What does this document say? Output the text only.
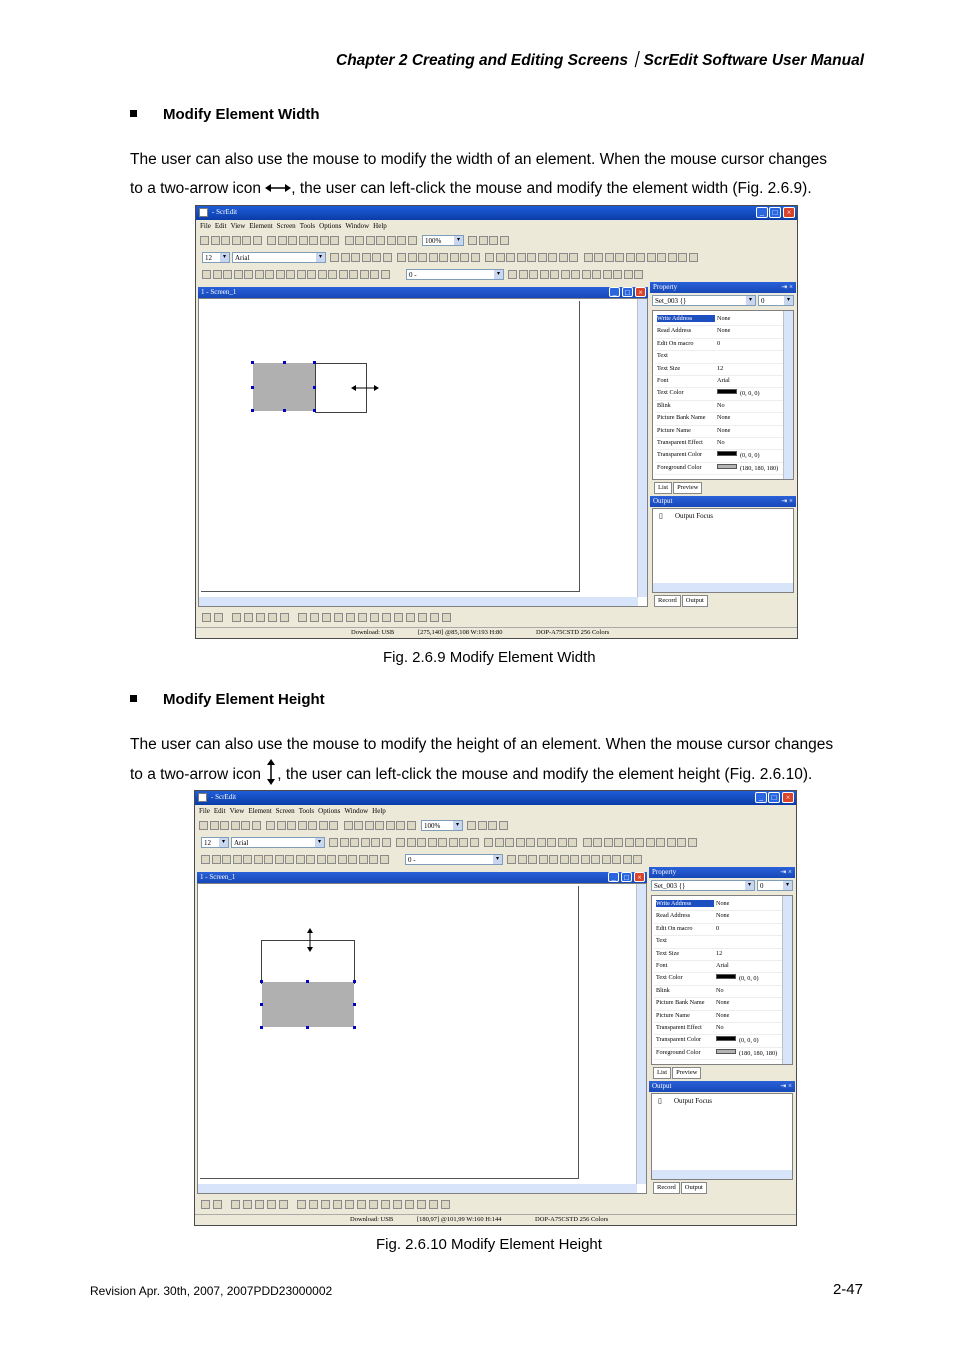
Chapter 2 Creating and Editing Screens｜ScrEdit Software User Manual
Modify Element Width
The user can also use the mouse to modify the width of an element. When the mouse cursor changes
to a two-arrow icon , the user can left-click the mouse and modify the element width (Fig. 2.6.9).
- ScrEdit	_	□	×
File Edit View Element Screen Tools Options Window Help
100%	▾
12	▾	Arial	▾
0 -	▾
1 - Screen_1	_	□	×
Property	⇥ ×
Set_003 {}	▾	0	▾
Write Address	None
Read Address	None
Edit On macro	0
Text
Text Size	12
Font	Arial
Text Color	(0, 0, 0)
Blink	No
Picture Bank Name	None
Picture Name	None
Transparent Effect	No
Transparent Color	(0, 0, 0)
Foreground Color	(180, 180, 180)
List Preview
Output	⇥ ×
▯ Output Focus
Record Output
Download: USB	[275,140] @85,108 W:193 H:80	DOP-A75CSTD 256 Colors
Fig. 2.6.9 Modify Element Width
Modify Element Height
The user can also use the mouse to modify the height of an element. When the mouse cursor changes
to a two-arrow icon , the user can left-click the mouse and modify the element height (Fig. 2.6.10).
- ScrEdit	_	□	×
File Edit View Element Screen Tools Options Window Help
100%	▾
12	▾	Arial	▾
0 -	▾
1 - Screen_1	_	□	×
Property	⇥ ×
Set_003 {}	▾	0	▾
Write Address	None
Read Address	None
Edit On macro	0
Text
Text Size	12
Font	Arial
Text Color	(0, 0, 0)
Blink	No
Picture Bank Name	None
Picture Name	None
Transparent Effect	No
Transparent Color	(0, 0, 0)
Foreground Color	(180, 180, 180)
List Preview
Output	⇥ ×
▯ Output Focus
Record Output
Download: USB	[180,97] @101,99 W:160 H:144	DOP-A75CSTD 256 Colors
Fig. 2.6.10 Modify Element Height
Revision Apr. 30th, 2007, 2007PDD23000002	2-47
